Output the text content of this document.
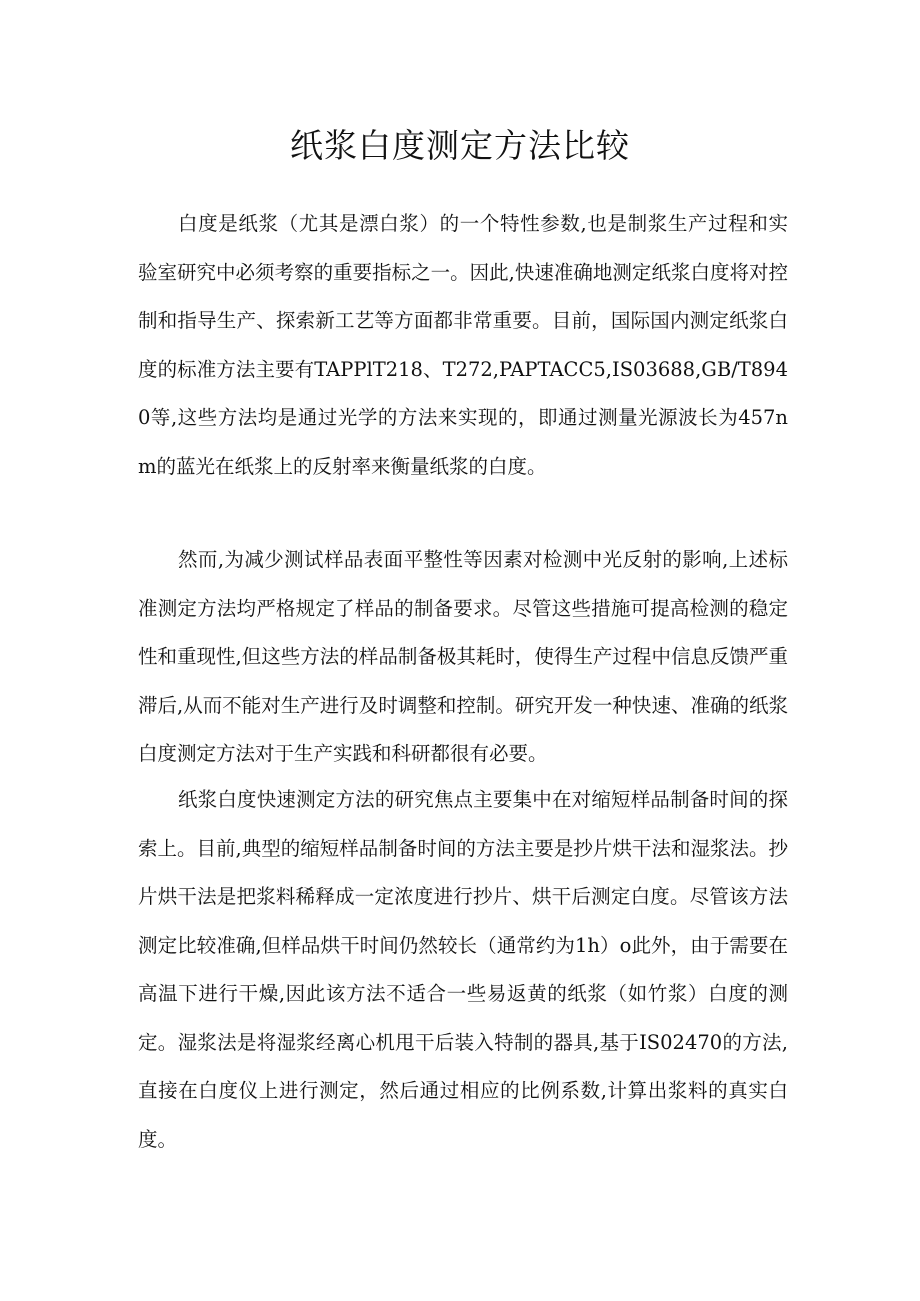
纸浆白度测定方法比较

白度是纸浆（尤其是漂白浆）的一个特性参数,也是制浆生产过程和实验室研究中必须考察的重要指标之一。因此,快速准确地测定纸浆白度将对控制和指导生产、探索新工艺等方面都非常重要。目前，国际国内测定纸浆白度的标准方法主要有TAPPlT218、T272,PAPTACC5,IS03688,GB/T8940等,这些方法均是通过光学的方法来实现的，即通过测量光源波长为457nm的蓝光在纸浆上的反射率来衡量纸浆的白度。

然而,为减少测试样品表面平整性等因素对检测中光反射的影响,上述标准测定方法均严格规定了样品的制备要求。尽管这些措施可提高检测的稳定性和重现性,但这些方法的样品制备极其耗时，使得生产过程中信息反馈严重滞后,从而不能对生产进行及时调整和控制。研究开发一种快速、准确的纸浆白度测定方法对于生产实践和科研都很有必要。

纸浆白度快速测定方法的研究焦点主要集中在对缩短样品制备时间的探索上。目前,典型的缩短样品制备时间的方法主要是抄片烘干法和湿浆法。抄片烘干法是把浆料稀释成一定浓度进行抄片、烘干后测定白度。尽管该方法测定比较准确,但样品烘干时间仍然较长（通常约为1h）o此外，由于需要在高温下进行干燥,因此该方法不适合一些易返黄的纸浆（如竹浆）白度的测定。湿浆法是将湿浆经离心机甩干后装入特制的器具,基于IS02470的方法,直接在白度仪上进行测定，然后通过相应的比例系数,计算出浆料的真实白度。
